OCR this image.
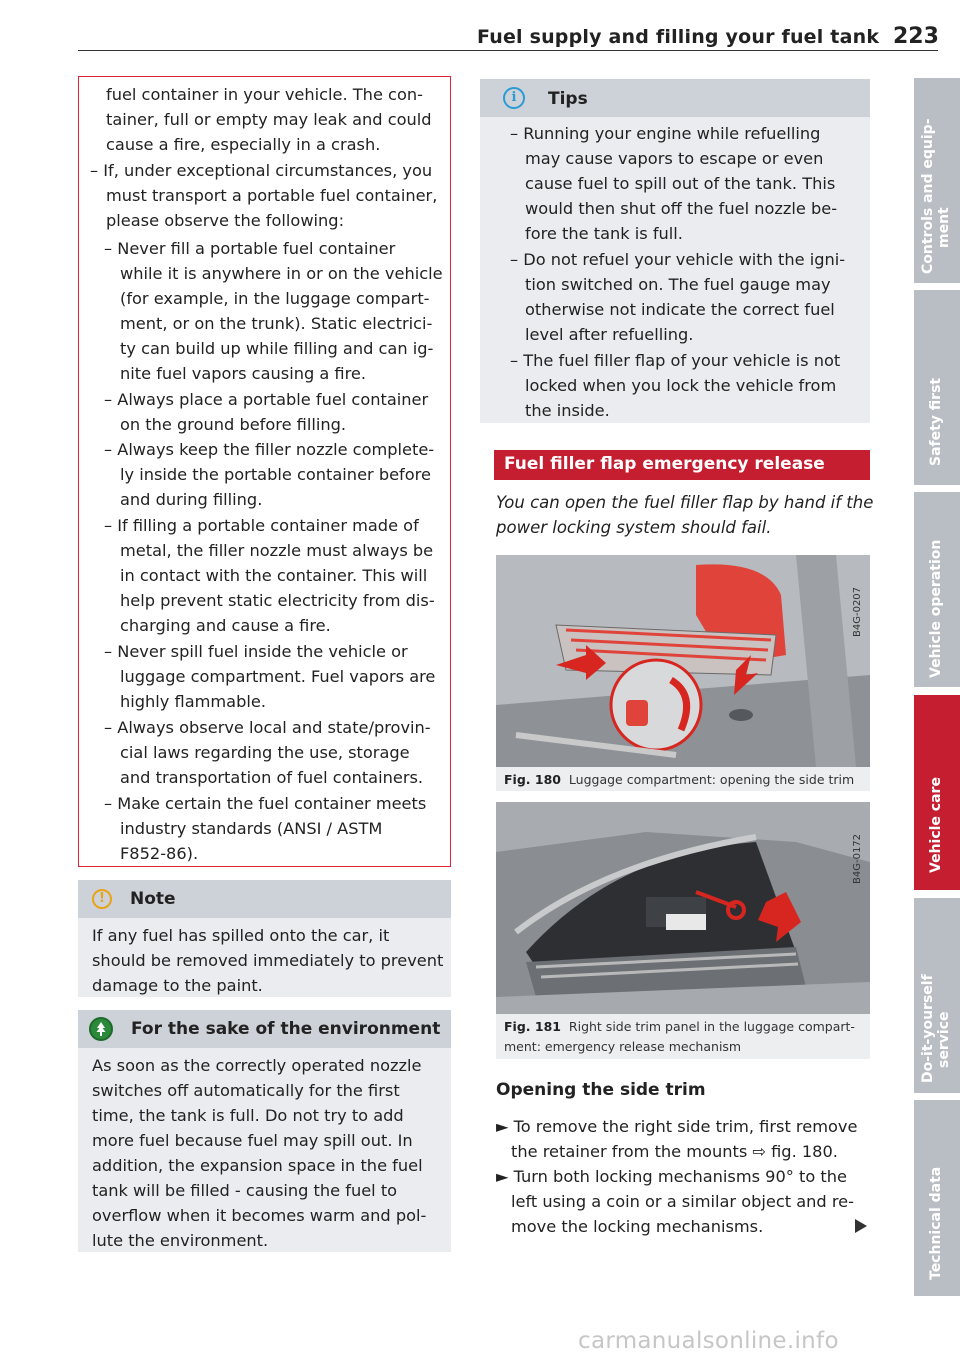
Fuel supply and filling your fuel tank 223
fuel container in your vehicle. The con-
tainer, full or empty may leak and could
cause a fire, especially in a crash.
– If, under exceptional circumstances, you
must transport a portable fuel container,
please observe the following:
– Never fill a portable fuel container
while it is anywhere in or on the vehicle
(for example, in the luggage compart-
ment, or on the trunk). Static electrici-
ty can build up while filling and can ig-
nite fuel vapors causing a fire.
– Always place a portable fuel container
on the ground before filling.
– Always keep the filler nozzle complete-
ly inside the portable container before
and during filling.
– If filling a portable container made of
metal, the filler nozzle must always be
in contact with the container. This will
help prevent static electricity from dis-
charging and cause a fire.
– Never spill fuel inside the vehicle or
luggage compartment. Fuel vapors are
highly flammable.
– Always observe local and state/provin-
cial laws regarding the use, storage
and transportation of fuel containers.
– Make certain the fuel container meets
industry standards (ANSI / ASTM
F852-86).
!	Note
If any fuel has spilled onto the car, it
should be removed immediately to prevent
damage to the paint.
For the sake of the environment
As soon as the correctly operated nozzle
switches off automatically for the first
time, the tank is full. Do not try to add
more fuel because fuel may spill out. In
addition, the expansion space in the fuel
tank will be filled - causing the fuel to
overflow when it becomes warm and pol-
lute the environment.
i	Tips
– Running your engine while refuelling
may cause vapors to escape or even
cause fuel to spill out of the tank. This
would then shut off the fuel nozzle be-
fore the tank is full.
– Do not refuel your vehicle with the igni-
tion switched on. The fuel gauge may
otherwise not indicate the correct fuel
level after refuelling.
– The fuel filler flap of your vehicle is not
locked when you lock the vehicle from
the inside.
Fuel filler flap emergency release
You can open the fuel filler flap by hand if the
power locking system should fail.
B4G-0207
Fig. 180 Luggage compartment: opening the side trim
B4G-0172
Fig. 181 Right side trim panel in the luggage compart-
ment: emergency release mechanism
Opening the side trim
► To remove the right side trim, first remove
the retainer from the mounts ⇨ fig. 180.
► Turn both locking mechanisms 90° to the
left using a coin or a similar object and re-
move the locking mechanisms.
Controls and equip- ment
Safety first
Vehicle operation
Vehicle care
Do-it-yourself service
Technical data
carmanualsonline.info
